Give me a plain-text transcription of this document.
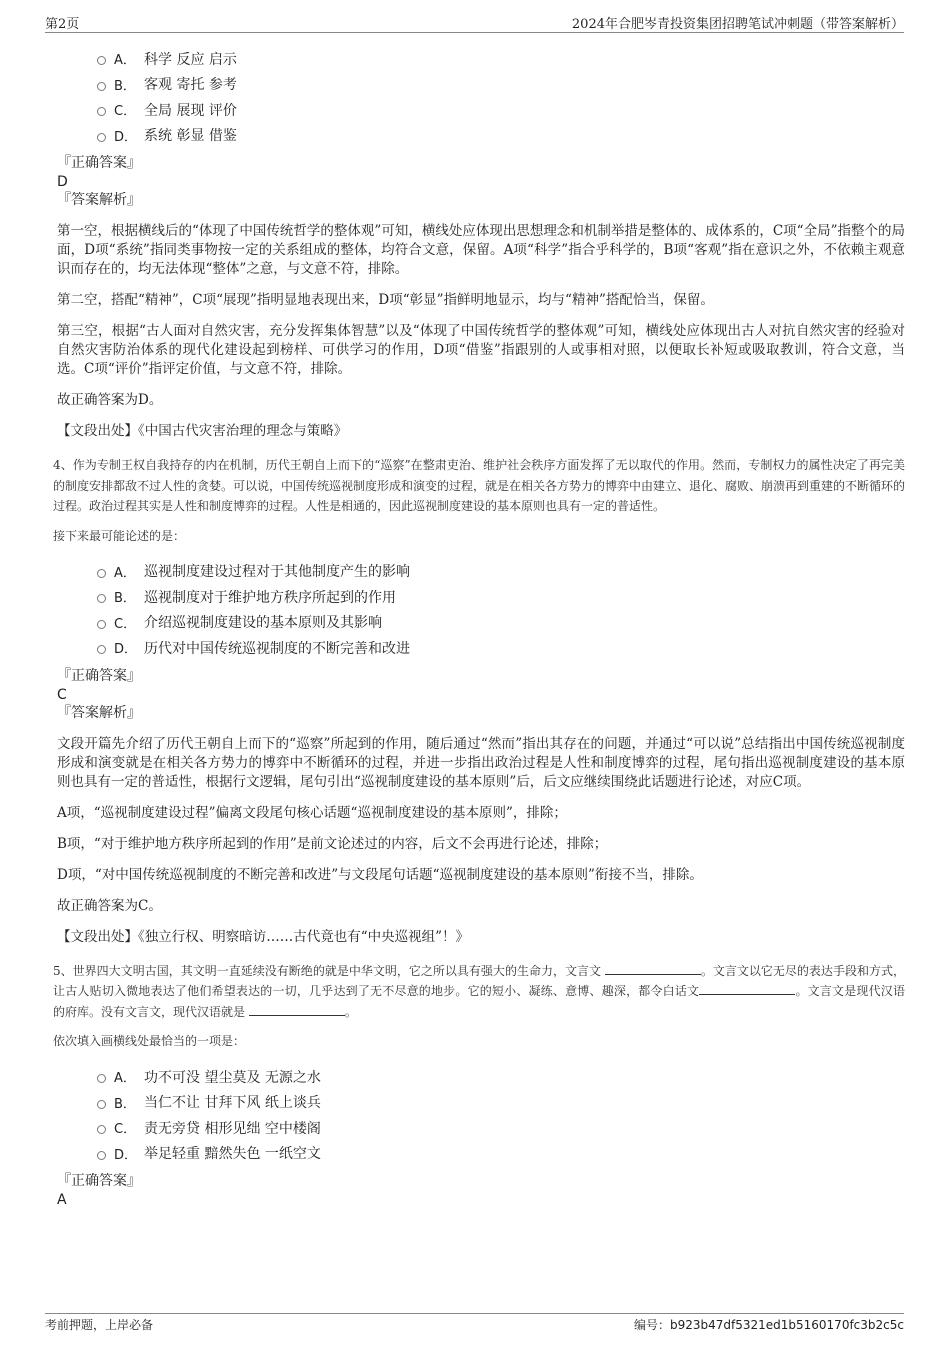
第2页	2024年合肥岑青投资集团招聘笔试冲刺题（带答案解析）
A． 科学 反应 启示
B． 客观 寄托 参考
C． 全局 展现 评价
D． 系统 彰显 借鉴
『正确答案』
D
『答案解析』
第一空，根据横线后的“体现了中国传统哲学的整体观”可知，横线处应体现出思想理念和机制举措是整体的、成体系的，C项“全局”指整个的局面，D项“系统”指同类事物按一定的关系组成的整体，均符合文意，保留。A项“科学”指合乎科学的，B项“客观”指在意识之外，不依赖主观意识而存在的，均无法体现“整体”之意，与文意不符，排除。
第二空，搭配“精神”，C项“展现”指明显地表现出来，D项“彰显”指鲜明地显示，均与“精神”搭配恰当，保留。
第三空，根据“古人面对自然灾害，充分发挥集体智慧”以及“体现了中国传统哲学的整体观”可知，横线处应体现出古人对抗自然灾害的经验对自然灾害防治体系的现代化建设起到榜样、可供学习的作用，D项“借鉴”指跟别的人或事相对照，以便取长补短或吸取教训，符合文意，当选。C项“评价”指评定价值，与文意不符，排除。
故正确答案为D。
【文段出处】《中国古代灾害治理的理念与策略》
4、作为专制王权自我持存的内在机制，历代王朝自上而下的“巡察”在整肃吏治、维护社会秩序方面发挥了无以取代的作用。然而，专制权力的属性决定了再完美的制度安排都敌不过人性的贪婪。可以说，中国传统巡视制度形成和演变的过程，就是在相关各方势力的博弈中由建立、退化、腐败、崩溃再到重建的不断循环的过程。政治过程其实是人性和制度博弈的过程。人性是相通的，因此巡视制度建设的基本原则也具有一定的普适性。
接下来最可能论述的是：
A． 巡视制度建设过程对于其他制度产生的影响
B． 巡视制度对于维护地方秩序所起到的作用
C． 介绍巡视制度建设的基本原则及其影响
D． 历代对中国传统巡视制度的不断完善和改进
『正确答案』
C
『答案解析』
文段开篇先介绍了历代王朝自上而下的“巡察”所起到的作用，随后通过“然而”指出其存在的问题，并通过“可以说”总结指出中国传统巡视制度形成和演变就是在相关各方势力的博弈中不断循环的过程，并进一步指出政治过程是人性和制度博弈的过程，尾句指出巡视制度建设的基本原则也具有一定的普适性，根据行文逻辑，尾句引出“巡视制度建设的基本原则”后，后文应继续围绕此话题进行论述，对应C项。
A项，“巡视制度建设过程”偏离文段尾句核心话题“巡视制度建设的基本原则”，排除；
B项，“对于维护地方秩序所起到的作用”是前文论述过的内容，后文不会再进行论述，排除；
D项，“对中国传统巡视制度的不断完善和改进”与文段尾句话题“巡视制度建设的基本原则”衔接不当，排除。
故正确答案为C。
【文段出处】《独立行权、明察暗访……古代竟也有“中央巡视组”！》
5、世界四大文明古国，其文明一直延续没有断绝的就是中华文明，它之所以具有强大的生命力，文言文	。文言文以它无尽的表达手段和方式，让古人贴切入微地表达了他们希望表达的一切，几乎达到了无不尽意的地步。它的短小、凝练、意博、趣深，都令白话文	。文言文是现代汉语的府库。没有文言文，现代汉语就是	。
依次填入画横线处最恰当的一项是：
A． 功不可没 望尘莫及 无源之水
B． 当仁不让 甘拜下风 纸上谈兵
C． 责无旁贷 相形见绌 空中楼阁
D． 举足轻重 黯然失色 一纸空文
『正确答案』
A
考前押题，上岸必备	编号：b923b47df5321ed1b5160170fc3b2c5c
